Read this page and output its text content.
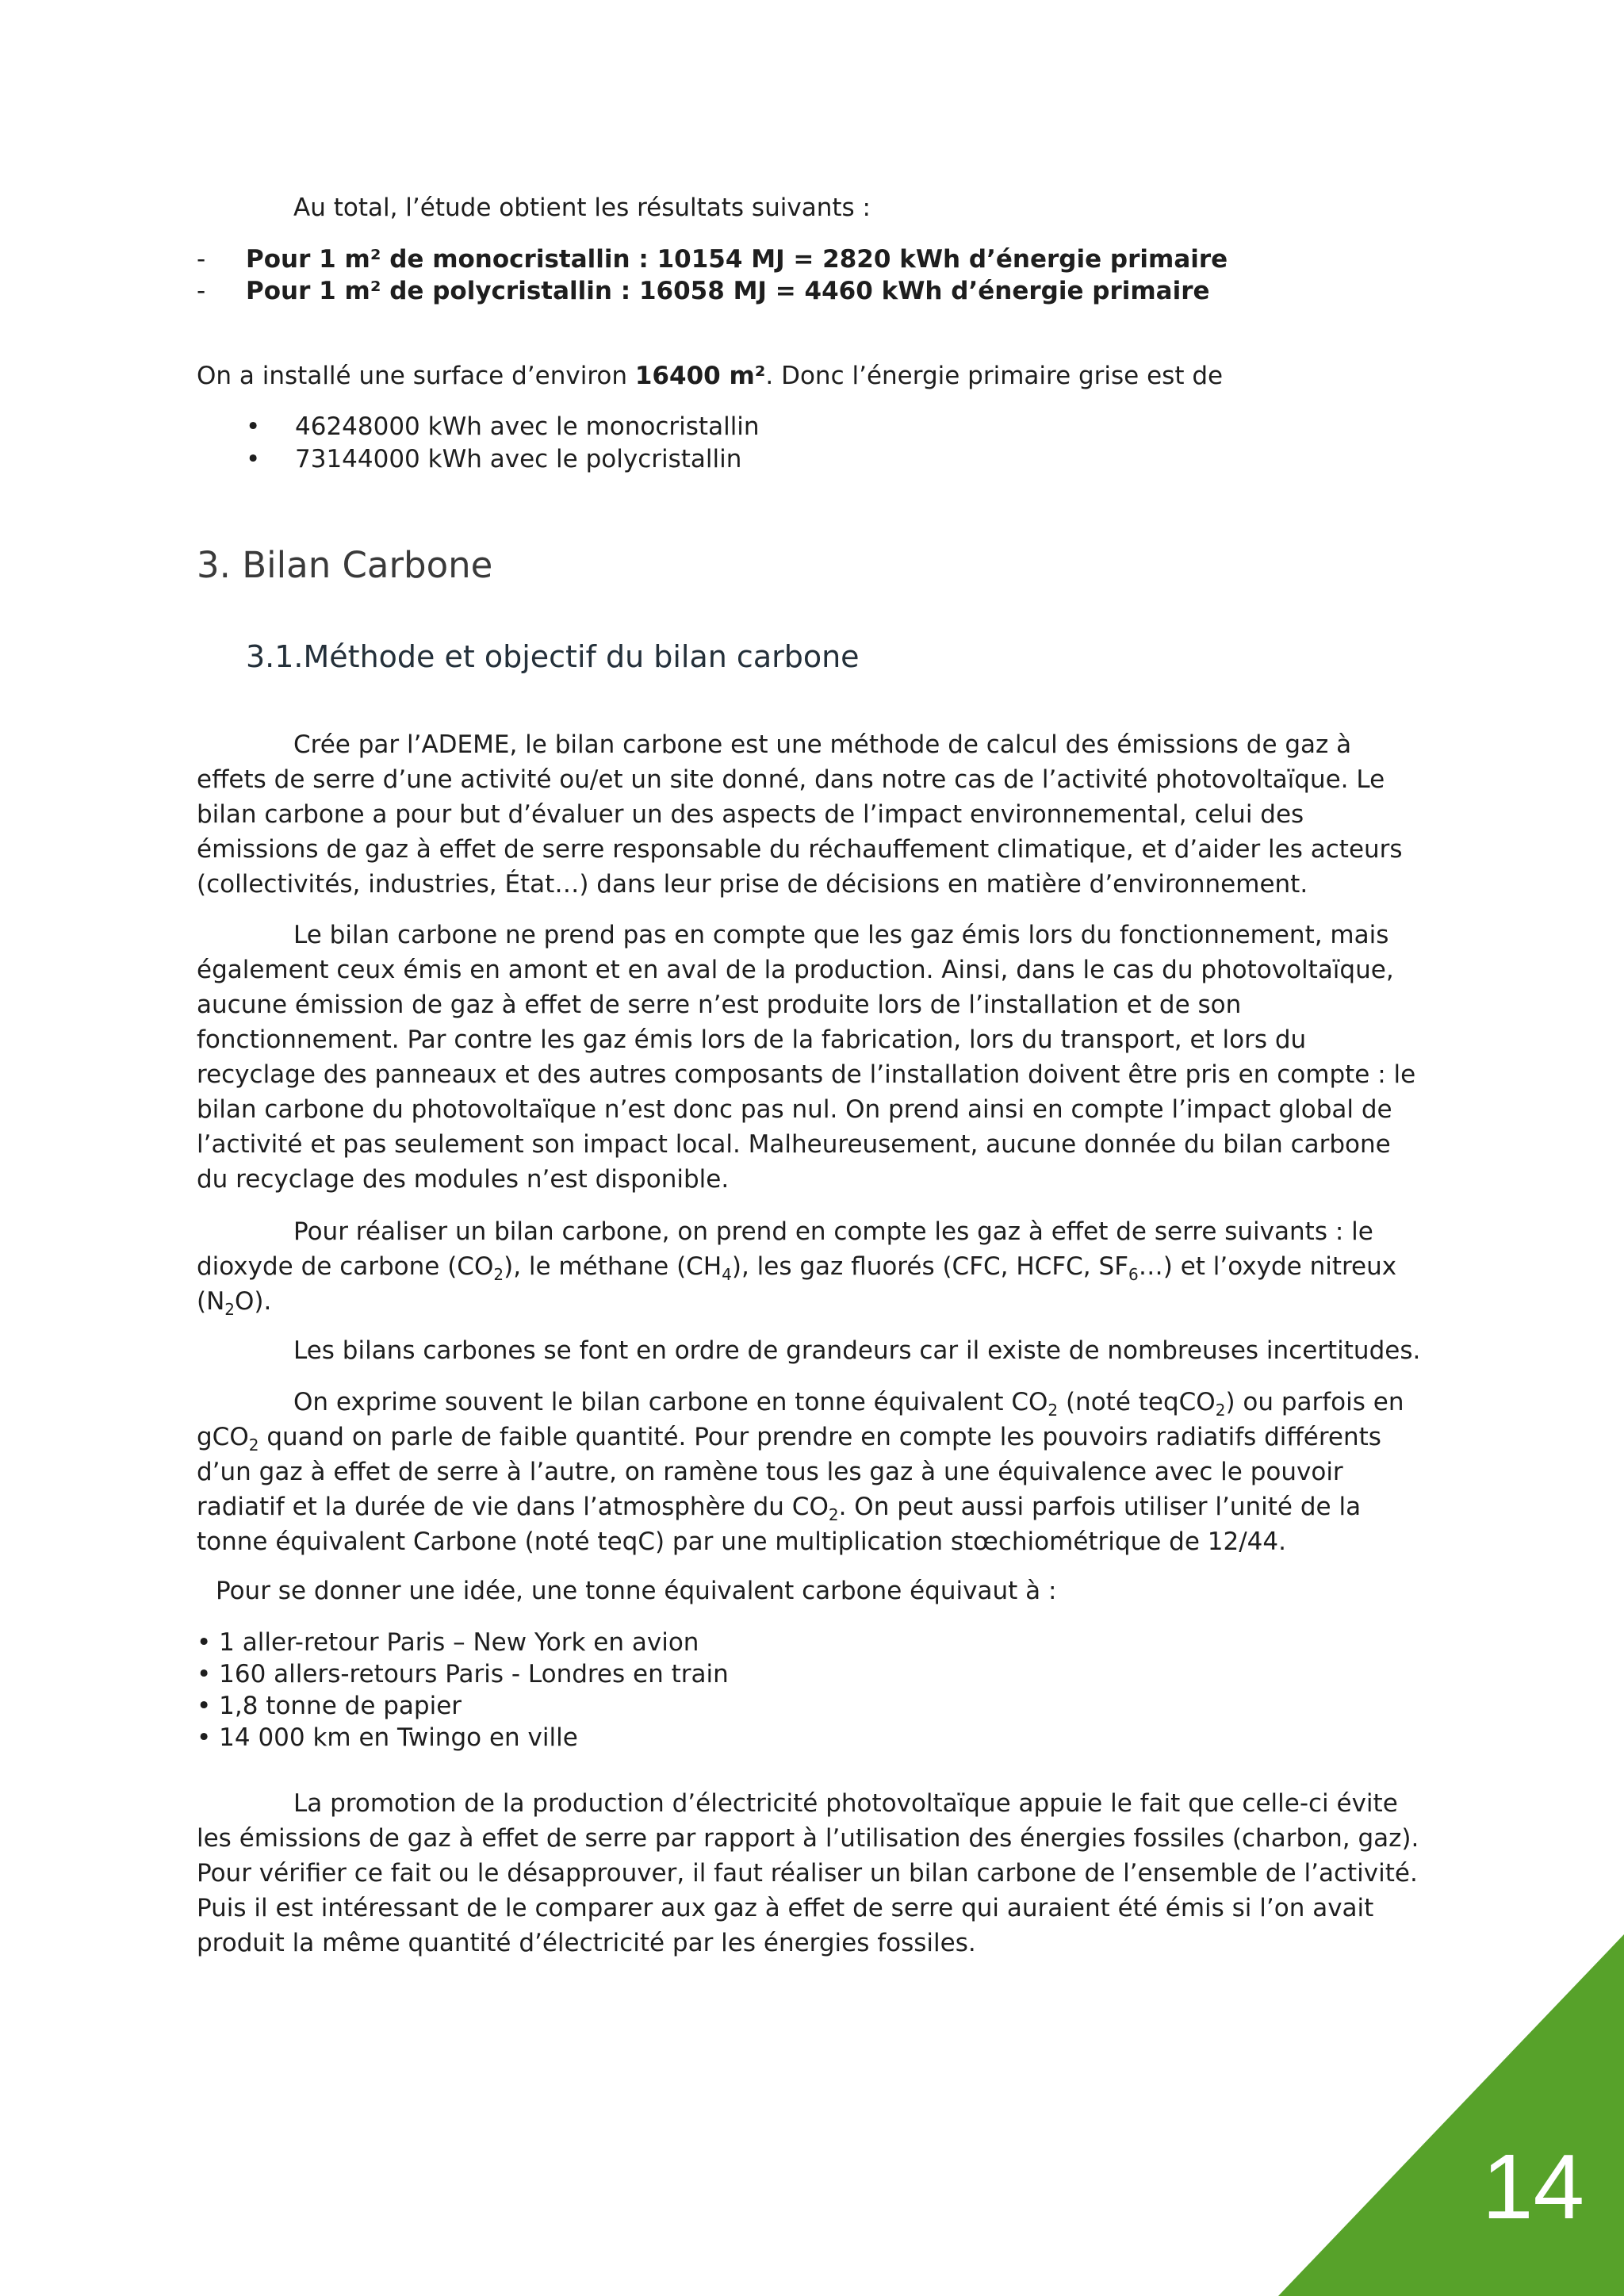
Au total, l’étude obtient les résultats suivants :
- Pour 1 m² de monocristallin : 10154 MJ = 2820 kWh d’énergie primaire
- Pour 1 m² de polycristallin : 16058 MJ = 4460 kWh d’énergie primaire
On a installé une surface d’environ 16400 m². Donc l’énergie primaire grise est de
• 46248000 kWh avec le monocristallin
• 73144000 kWh avec le polycristallin
3. Bilan Carbone
3.1.Méthode et objectif du bilan carbone

Crée par l’ADEME, le bilan carbone est une méthode de calcul des émissions de gaz à effets de serre d’une activité ou/et un site donné, dans notre cas de l’activité photovoltaïque. Le bilan carbone a pour but d’évaluer un des aspects de l’impact environnemental, celui des émissions de gaz à effet de serre responsable du réchauffement climatique, et d’aider les acteurs (collectivités, industries, État…) dans leur prise de décisions en matière d’environnement.

Le bilan carbone ne prend pas en compte que les gaz émis lors du fonctionnement, mais également ceux émis en amont et en aval de la production. Ainsi, dans le cas du photovoltaïque, aucune émission de gaz à effet de serre n’est produite lors de l’installation et de son fonctionnement. Par contre les gaz émis lors de la fabrication, lors du transport, et lors du recyclage des panneaux et des autres composants de l’installation doivent être pris en compte : le bilan carbone du photovoltaïque n’est donc pas nul. On prend ainsi en compte l’impact global de l’activité et pas seulement son impact local. Malheureusement, aucune donnée du bilan carbone du recyclage des modules n’est disponible.

Pour réaliser un bilan carbone, on prend en compte les gaz à effet de serre suivants : le dioxyde de carbone $(CO_2)$, le méthane $(CH_4)$, les gaz fluorés (CFC, HCFC, $SF_6\dots$) et l’oxyde nitreux $(N_2O)$.

Les bilans carbones se font en ordre de grandeurs car il existe de nombreuses incertitudes.

On exprime souvent le bilan carbone en tonne équivalent $CO_2$ (noté teqCO$_2$) ou parfois en gCO$_2$ quand on parle de faible quantité. Pour prendre en compte les pouvoirs radiatifs différents d’un gaz à effet de serre à l’autre, on ramène tous les gaz à une équivalence avec le pouvoir radiatif et la durée de vie dans l’atmosphère du $CO_2$. On peut aussi parfois utiliser l’unité de la tonne équivalent Carbone (noté teqC) par une multiplication stœchiométrique de 12/44.

Pour se donner une idée, une tonne équivalent carbone équivaut à :
• 1 aller-retour Paris – New York en avion
• 160 allers-retours Paris - Londres en train
• 1,8 tonne de papier
• 14 000 km en Twingo en ville

La promotion de la production d’électricité photovoltaïque appuie le fait que celle-ci évite les émissions de gaz à effet de serre par rapport à l’utilisation des énergies fossiles (charbon, gaz). Pour vérifier ce fait ou le désapprouver, il faut réaliser un bilan carbone de l’ensemble de l’activité. Puis il est intéressant de le comparer aux gaz à effet de serre qui auraient été émis si l’on avait produit la même quantité d’électricité par les énergies fossiles.

14
